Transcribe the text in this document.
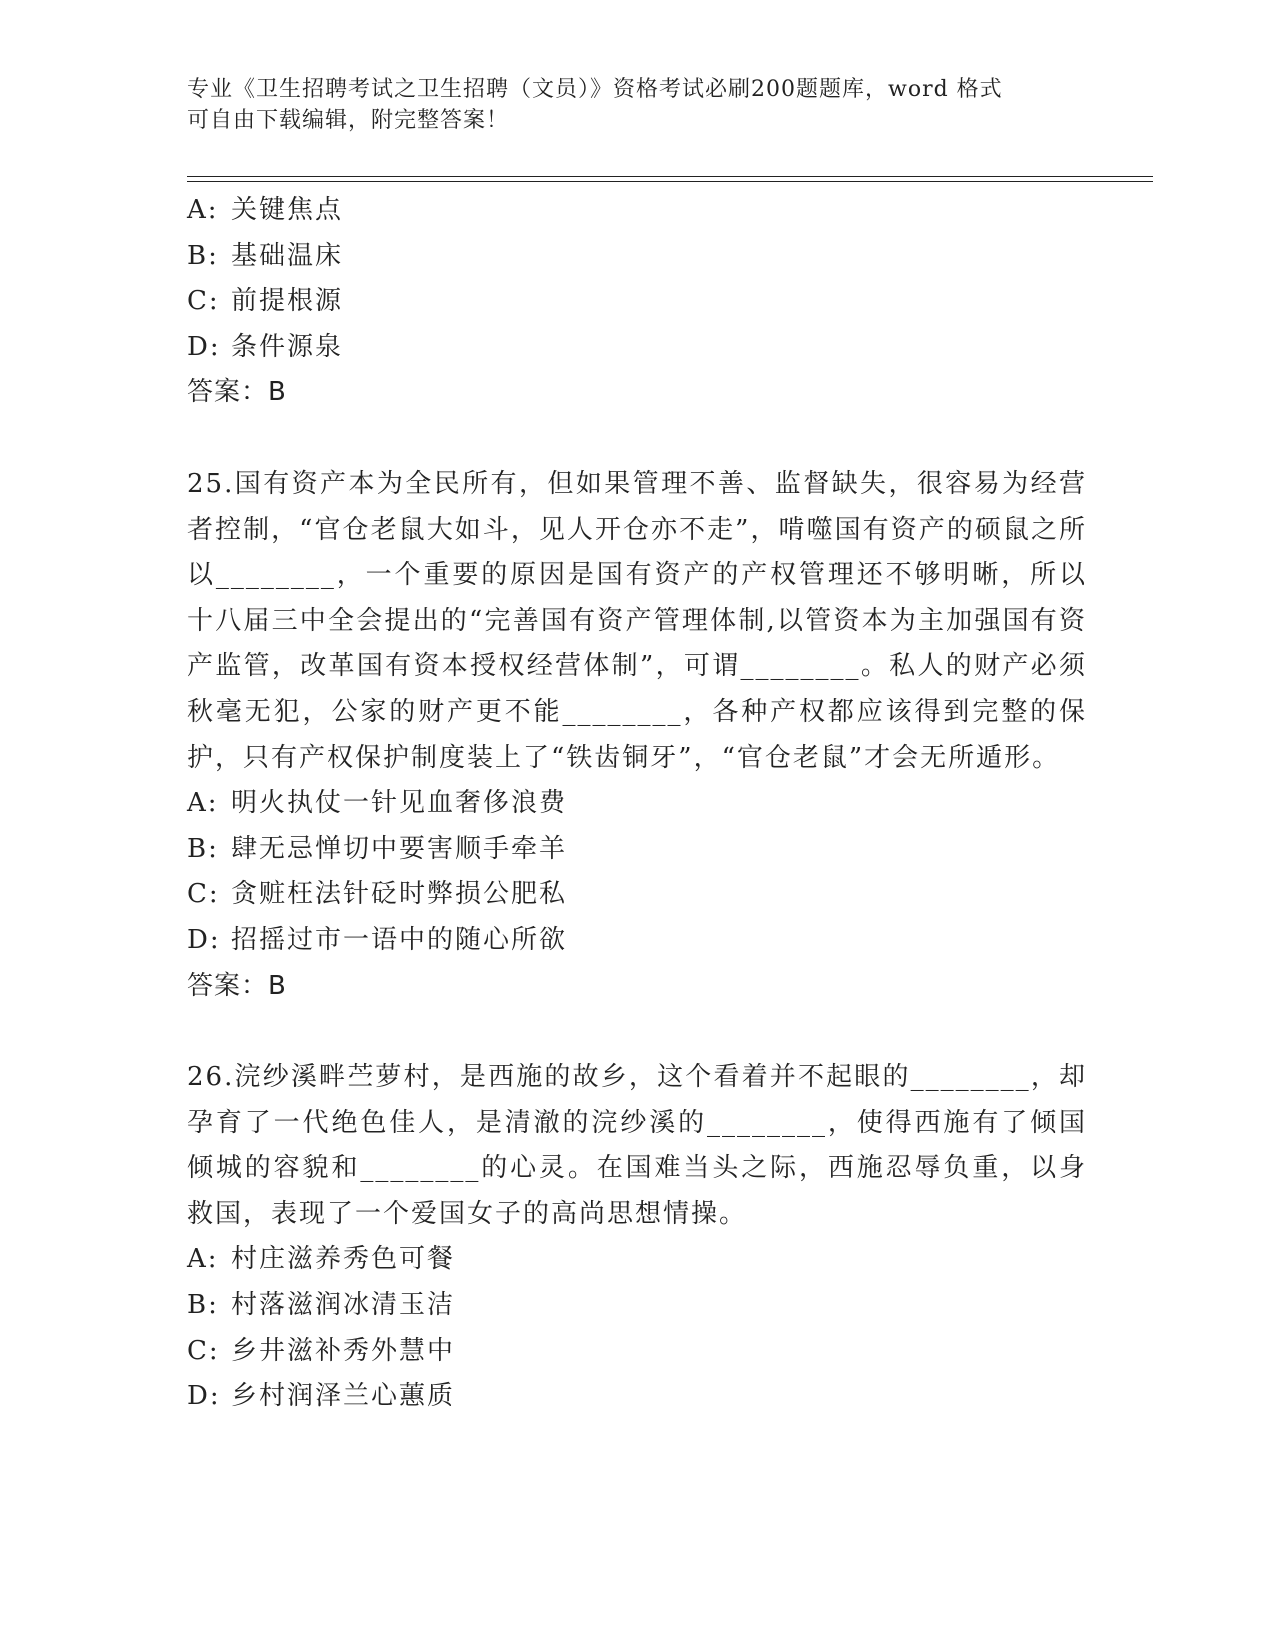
专业《卫生招聘考试之卫生招聘（文员）》资格考试必刷200题题库，word 格式
可自由下载编辑，附完整答案！
A: 关键焦点
B: 基础温床
C: 前提根源
D: 条件源泉
答案：B
25.国有资产本为全民所有，但如果管理不善、监督缺失，很容易为经营者控制，“官仓老鼠大如斗，见人开仓亦不走”，啃噬国有资产的硕鼠之所以________，一个重要的原因是国有资产的产权管理还不够明晰，所以十八届三中全会提出的“完善国有资产管理体制,以管资本为主加强国有资产监管，改革国有资本授权经营体制”，可谓________。私人的财产必须秋毫无犯，公家的财产更不能________，各种产权都应该得到完整的保护，只有产权保护制度装上了“铁齿铜牙”，“官仓老鼠”才会无所遁形。
A: 明火执仗一针见血奢侈浪费
B: 肆无忌惮切中要害顺手牵羊
C: 贪赃枉法针砭时弊损公肥私
D: 招摇过市一语中的随心所欲
答案：B
26.浣纱溪畔苎萝村，是西施的故乡，这个看着并不起眼的________，却孕育了一代绝色佳人，是清澈的浣纱溪的________，使得西施有了倾国倾城的容貌和________的心灵。在国难当头之际，西施忍辱负重，以身救国，表现了一个爱国女子的高尚思想情操。
A: 村庄滋养秀色可餐
B: 村落滋润冰清玉洁
C: 乡井滋补秀外慧中
D: 乡村润泽兰心蕙质
